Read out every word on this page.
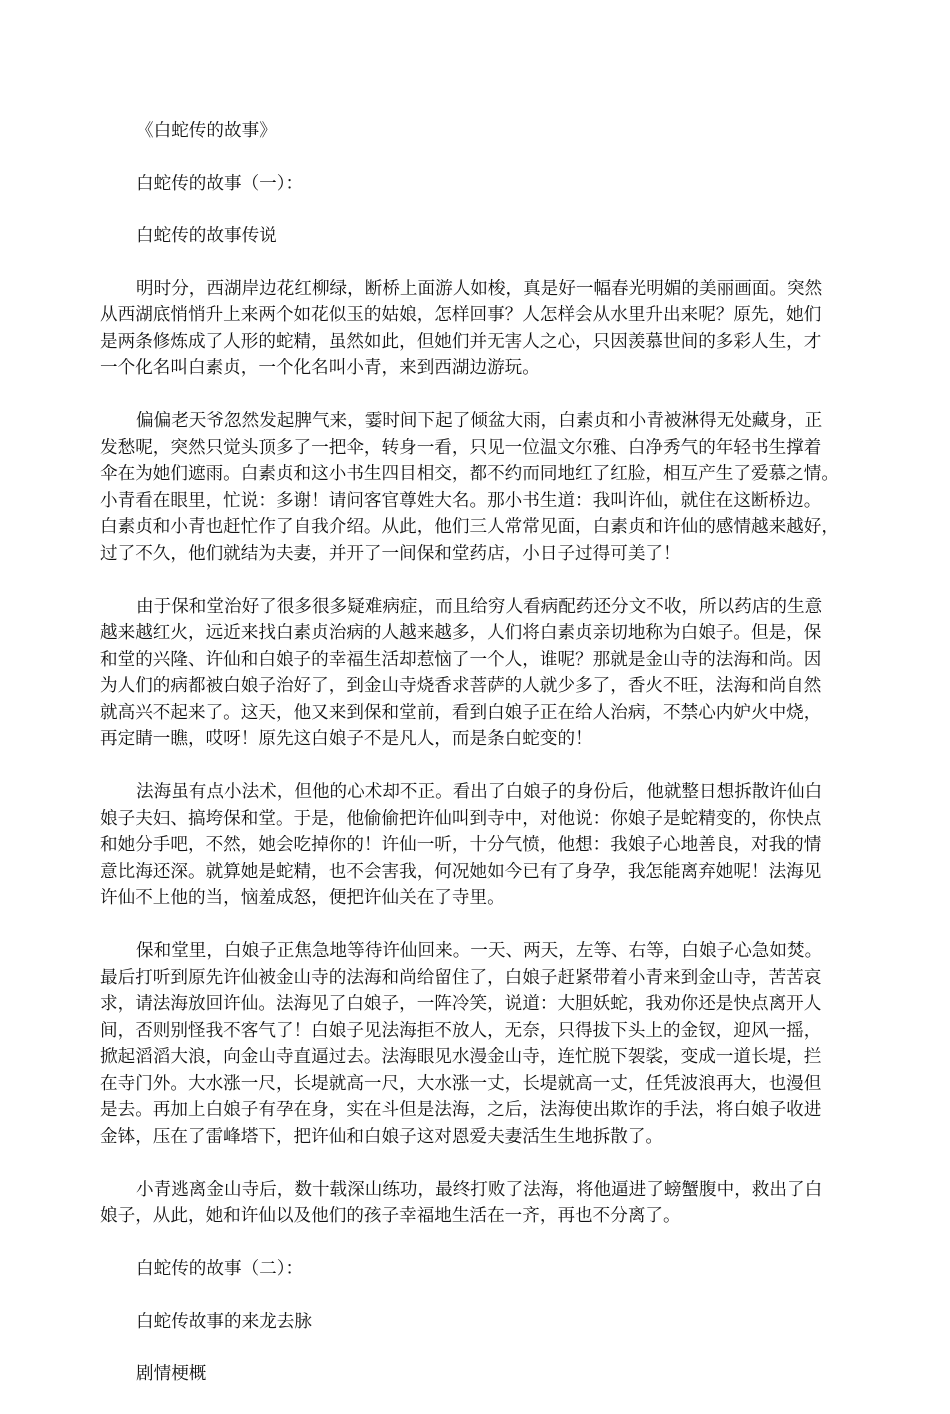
《白蛇传的故事》

白蛇传的故事（一）：

白蛇传的故事传说

明时分，西湖岸边花红柳绿，断桥上面游人如梭，真是好一幅春光明媚的美丽画面。突然

从西湖底悄悄升上来两个如花似玉的姑娘，怎样回事？人怎样会从水里升出来呢？原先，她们

是两条修炼成了人形的蛇精，虽然如此，但她们并无害人之心，只因羡慕世间的多彩人生，才

一个化名叫白素贞，一个化名叫小青，来到西湖边游玩。

偏偏老天爷忽然发起脾气来，霎时间下起了倾盆大雨，白素贞和小青被淋得无处藏身，正

发愁呢，突然只觉头顶多了一把伞，转身一看，只见一位温文尔雅、白净秀气的年轻书生撑着

伞在为她们遮雨。白素贞和这小书生四目相交，都不约而同地红了红脸，相互产生了爱慕之情。

小青看在眼里，忙说：多谢！请问客官尊姓大名。那小书生道：我叫许仙，就住在这断桥边。

白素贞和小青也赶忙作了自我介绍。从此，他们三人常常见面，白素贞和许仙的感情越来越好，

过了不久，他们就结为夫妻，并开了一间保和堂药店，小日子过得可美了！

由于保和堂治好了很多很多疑难病症，而且给穷人看病配药还分文不收，所以药店的生意

越来越红火，远近来找白素贞治病的人越来越多，人们将白素贞亲切地称为白娘子。但是，保

和堂的兴隆、许仙和白娘子的幸福生活却惹恼了一个人，谁呢？那就是金山寺的法海和尚。因

为人们的病都被白娘子治好了，到金山寺烧香求菩萨的人就少多了，香火不旺，法海和尚自然

就高兴不起来了。这天，他又来到保和堂前，看到白娘子正在给人治病，不禁心内妒火中烧，

再定睛一瞧，哎呀！原先这白娘子不是凡人，而是条白蛇变的！

法海虽有点小法术，但他的心术却不正。看出了白娘子的身份后，他就整日想拆散许仙白

娘子夫妇、搞垮保和堂。于是，他偷偷把许仙叫到寺中，对他说：你娘子是蛇精变的，你快点

和她分手吧，不然，她会吃掉你的！许仙一听，十分气愤，他想：我娘子心地善良，对我的情

意比海还深。就算她是蛇精，也不会害我，何况她如今已有了身孕，我怎能离弃她呢！法海见

许仙不上他的当，恼羞成怒，便把许仙关在了寺里。

保和堂里，白娘子正焦急地等待许仙回来。一天、两天，左等、右等，白娘子心急如焚。

最后打听到原先许仙被金山寺的法海和尚给留住了，白娘子赶紧带着小青来到金山寺，苦苦哀

求，请法海放回许仙。法海见了白娘子，一阵冷笑，说道：大胆妖蛇，我劝你还是快点离开人

间，否则别怪我不客气了！白娘子见法海拒不放人，无奈，只得拔下头上的金钗，迎风一摇，

掀起滔滔大浪，向金山寺直逼过去。法海眼见水漫金山寺，连忙脱下袈裟，变成一道长堤，拦

在寺门外。大水涨一尺，长堤就高一尺，大水涨一丈，长堤就高一丈，任凭波浪再大，也漫但

是去。再加上白娘子有孕在身，实在斗但是法海，之后，法海使出欺诈的手法，将白娘子收进

金钵，压在了雷峰塔下，把许仙和白娘子这对恩爱夫妻活生生地拆散了。

小青逃离金山寺后，数十载深山练功，最终打败了法海，将他逼进了螃蟹腹中，救出了白

娘子，从此，她和许仙以及他们的孩子幸福地生活在一齐，再也不分离了。

白蛇传的故事（二）：

白蛇传故事的来龙去脉

剧情梗概
